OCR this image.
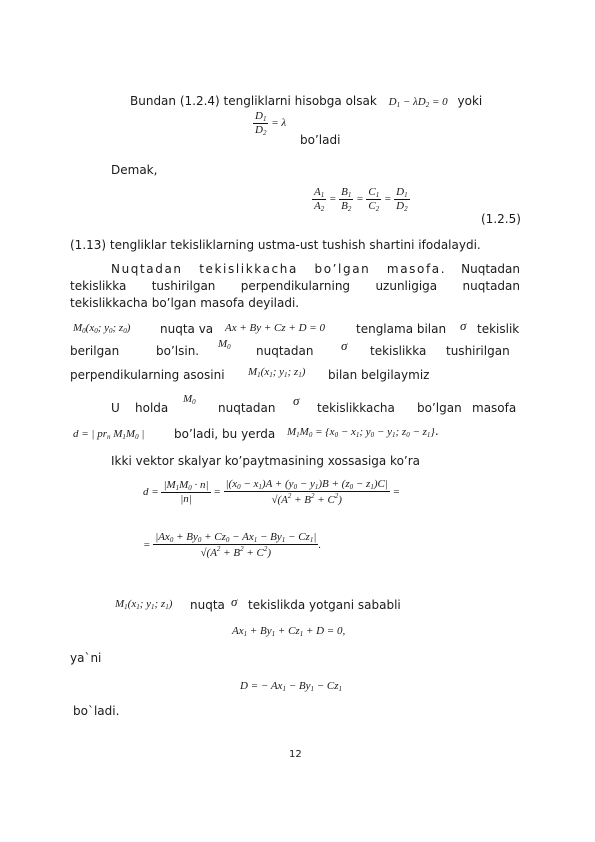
Bundan (1.2.4) tengliklarni hisobga olsak $D_1 - \lambda D_2 = 0$ yoki
$\frac{D_1}{D_2} = \lambda$
bo’ladi
Demak,
$\frac{A_1}{A_2} = \frac{B_1}{B_2} = \frac{C_1}{C_2} = \frac{D_1}{D_2}$
(1.2.5)
(1.13) tengliklar tekisliklarning ustma-ust tushish shartini ifodalaydi.
Nuqtadan tekislikkacha bo’lgan masofa. Nuqtadan
tekislikka tushirilgan perpendikularning uzunligiga nuqtadan
tekislikkacha bo’lgan masofa deyiladi.
$M_0(x_0$; $y_0$; $z_0$) nuqta va Ax + By + Cz + D = 0	tenglama bilan σ tekislik
berilgan	bo’lsin. $M_0$ nuqtadan σ tekislikka tushirilgan
perpendikularning asosini $M_1(x_1$; $y_1$; $z_1$) bilan belgilaymiz
U holda
$M_0$ nuqtadan σ tekislikkacha bo’lgan masofa
d = | $pr_n$ $M_1M_0$ | bo’ladi, bu yerda $M_1M_0 = \{x_0 - x_1$; $y_0 - y_1$; $z_0 - z_1$}.
Ikki vektor skalyar ko’paytmasining xossasiga ko’ra
$d = \frac{|M_1M_0 \cdot n|}{|n|} = \frac{|(x_0 - x_1)A + (y_0 - y_1)B + (z_0 - z_1)C|}{√(A^2 + B^2 + C^2)}$ =
= $\frac{|Ax_0 + By_0 + Cz_0 - Ax_1 - By_1 - Cz_1|}{√(A^2 + B^2 + C^2)}$ .
$M_1(x_1$; $y_1$; $z_1$) nuqta σ tekislikda yotgani sababli
$Ax_1 + By_1 + Cz_1 + D = 0$,
ya`ni
D = − $Ax_1 - By_1 - Cz_1$
bo`ladi.
12
